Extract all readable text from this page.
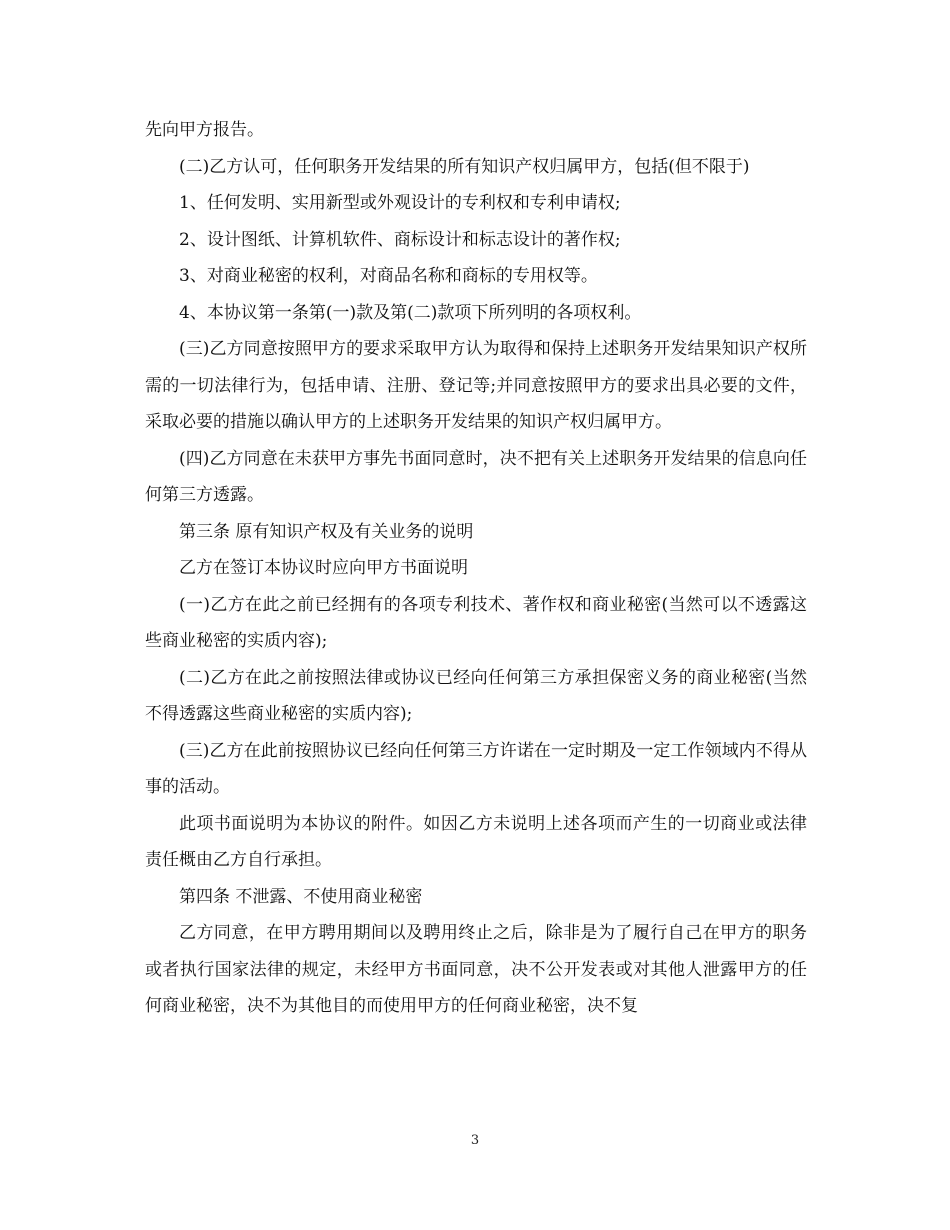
先向甲方报告。

(二)乙方认可，任何职务开发结果的所有知识产权归属甲方，包括(但不限于)

1、任何发明、实用新型或外观设计的专利权和专利申请权;

2、设计图纸、计算机软件、商标设计和标志设计的著作权;

3、对商业秘密的权利，对商品名称和商标的专用权等。

4、本协议第一条第(一)款及第(二)款项下所列明的各项权利。

(三)乙方同意按照甲方的要求采取甲方认为取得和保持上述职务开发结果知识产权所需的一切法律行为，包括申请、注册、登记等;并同意按照甲方的要求出具必要的文件，采取必要的措施以确认甲方的上述职务开发结果的知识产权归属甲方。

(四)乙方同意在未获甲方事先书面同意时，决不把有关上述职务开发结果的信息向任何第三方透露。

第三条 原有知识产权及有关业务的说明

乙方在签订本协议时应向甲方书面说明

(一)乙方在此之前已经拥有的各项专利技术、著作权和商业秘密(当然可以不透露这些商业秘密的实质内容);

(二)乙方在此之前按照法律或协议已经向任何第三方承担保密义务的商业秘密(当然不得透露这些商业秘密的实质内容);

(三)乙方在此前按照协议已经向任何第三方许诺在一定时期及一定工作领域内不得从事的活动。

此项书面说明为本协议的附件。如因乙方未说明上述各项而产生的一切商业或法律责任概由乙方自行承担。

第四条 不泄露、不使用商业秘密

乙方同意，在甲方聘用期间以及聘用终止之后，除非是为了履行自己在甲方的职务或者执行国家法律的规定，未经甲方书面同意，决不公开发表或对其他人泄露甲方的任何商业秘密，决不为其他目的而使用甲方的任何商业秘密，决不复

3
